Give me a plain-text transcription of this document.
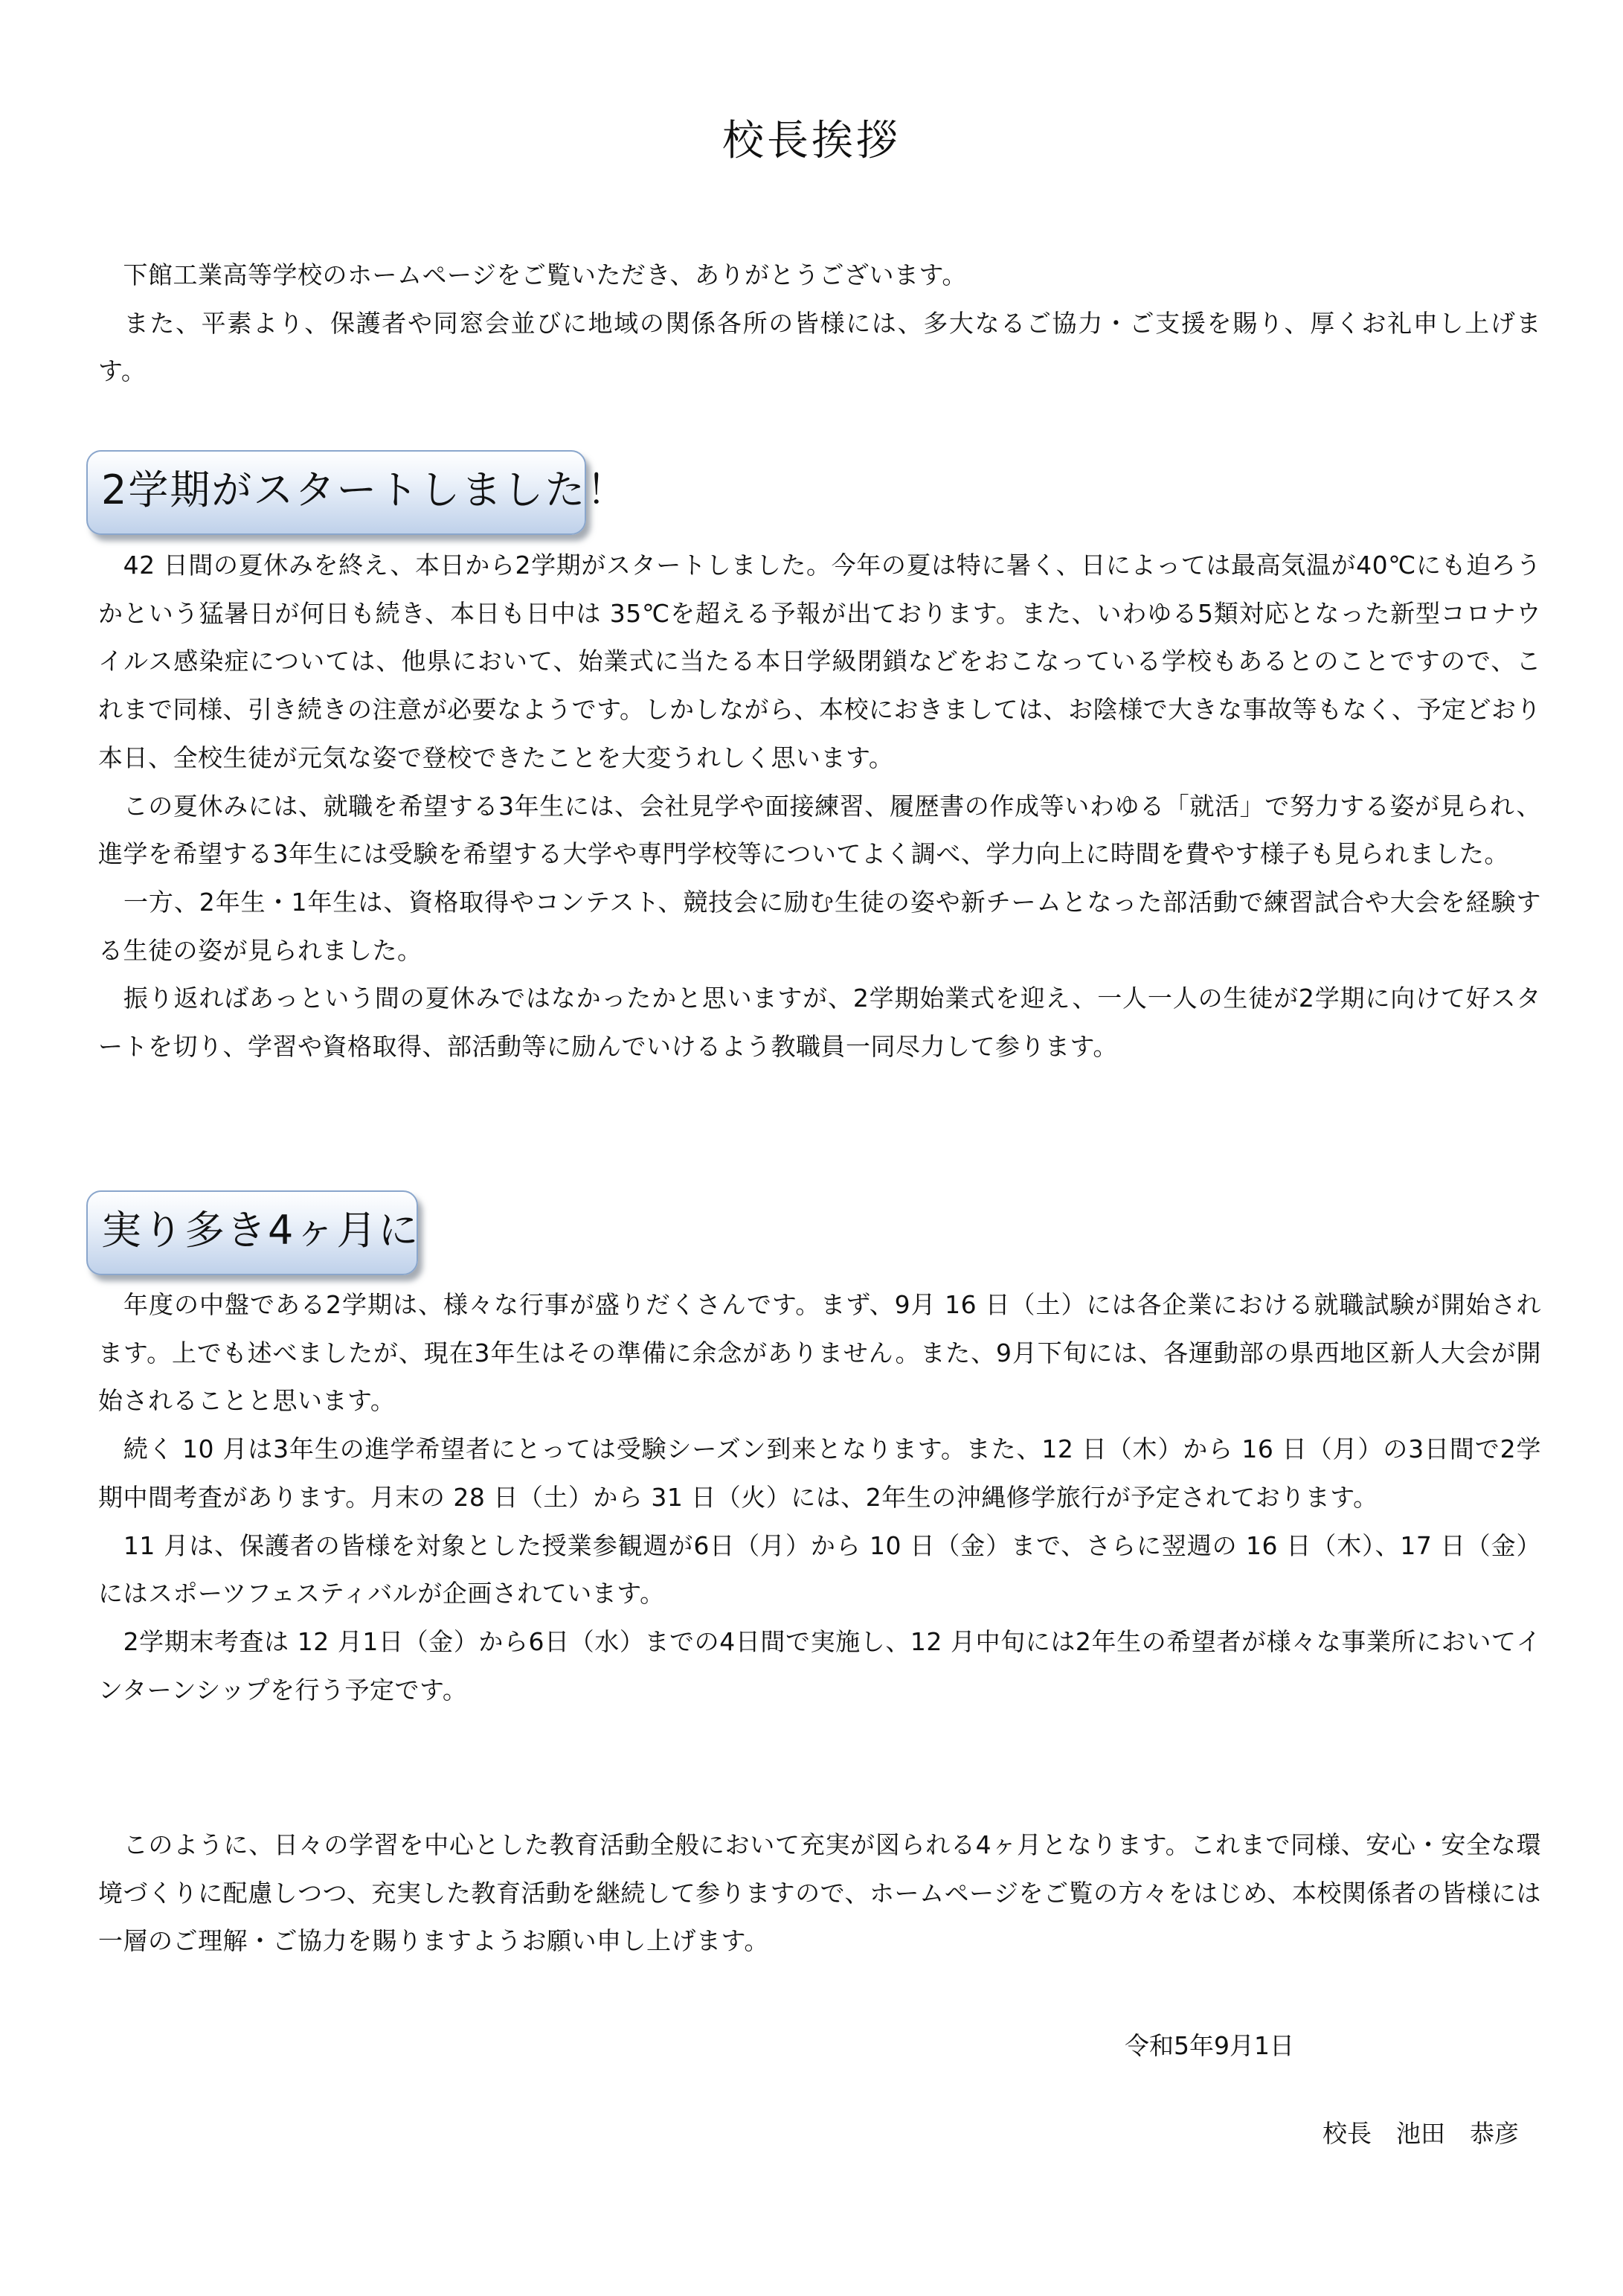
校長挨拶

　下館工業高等学校のホームページをご覧いただき、ありがとうございます。

　また、平素より、保護者や同窓会並びに地域の関係各所の皆様には、多大なるご協力・ご支援を賜り、厚くお礼申し上げます。

2学期がスタートしました！

　42 日間の夏休みを終え、本日から2学期がスタートしました。今年の夏は特に暑く、日によっては最高気温が40℃にも迫ろうかという猛暑日が何日も続き、本日も日中は 35℃を超える予報が出ております。また、いわゆる5類対応となった新型コロナウイルス感染症については、他県において、始業式に当たる本日学級閉鎖などをおこなっている学校もあるとのことですので、これまで同様、引き続きの注意が必要なようです。しかしながら、本校におきましては、お陰様で大きな事故等もなく、予定どおり本日、全校生徒が元気な姿で登校できたことを大変うれしく思います。

　この夏休みには、就職を希望する3年生には、会社見学や面接練習、履歴書の作成等いわゆる「就活」で努力する姿が見られ、進学を希望する3年生には受験を希望する大学や専門学校等についてよく調べ、学力向上に時間を費やす様子も見られました。

　一方、2年生・1年生は、資格取得やコンテスト、競技会に励む生徒の姿や新チームとなった部活動で練習試合や大会を経験する生徒の姿が見られました。

　振り返ればあっという間の夏休みではなかったかと思いますが、2学期始業式を迎え、一人一人の生徒が2学期に向けて好スタートを切り、学習や資格取得、部活動等に励んでいけるよう教職員一同尽力して参ります。

実り多き4ヶ月に

　年度の中盤である2学期は、様々な行事が盛りだくさんです。まず、9月 16 日（土）には各企業における就職試験が開始されます。上でも述べましたが、現在3年生はその準備に余念がありません。また、9月下旬には、各運動部の県西地区新人大会が開始されることと思います。

　続く 10 月は3年生の進学希望者にとっては受験シーズン到来となります。また、12 日（木）から 16 日（月）の3日間で2学期中間考査があります。月末の 28 日（土）から 31 日（火）には、2年生の沖縄修学旅行が予定されております。

　11 月は、保護者の皆様を対象とした授業参観週が6日（月）から 10 日（金）まで、さらに翌週の 16 日（木）、17 日（金）にはスポーツフェスティバルが企画されています。

　2学期末考査は 12 月1日（金）から6日（水）までの4日間で実施し、12 月中旬には2年生の希望者が様々な事業所においてインターンシップを行う予定です。

　このように、日々の学習を中心とした教育活動全般において充実が図られる4ヶ月となります。これまで同様、安心・安全な環境づくりに配慮しつつ、充実した教育活動を継続して参りますので、ホームページをご覧の方々をはじめ、本校関係者の皆様には一層のご理解・ご協力を賜りますようお願い申し上げます。

令和5年9月1日

校長　池田　恭彦
